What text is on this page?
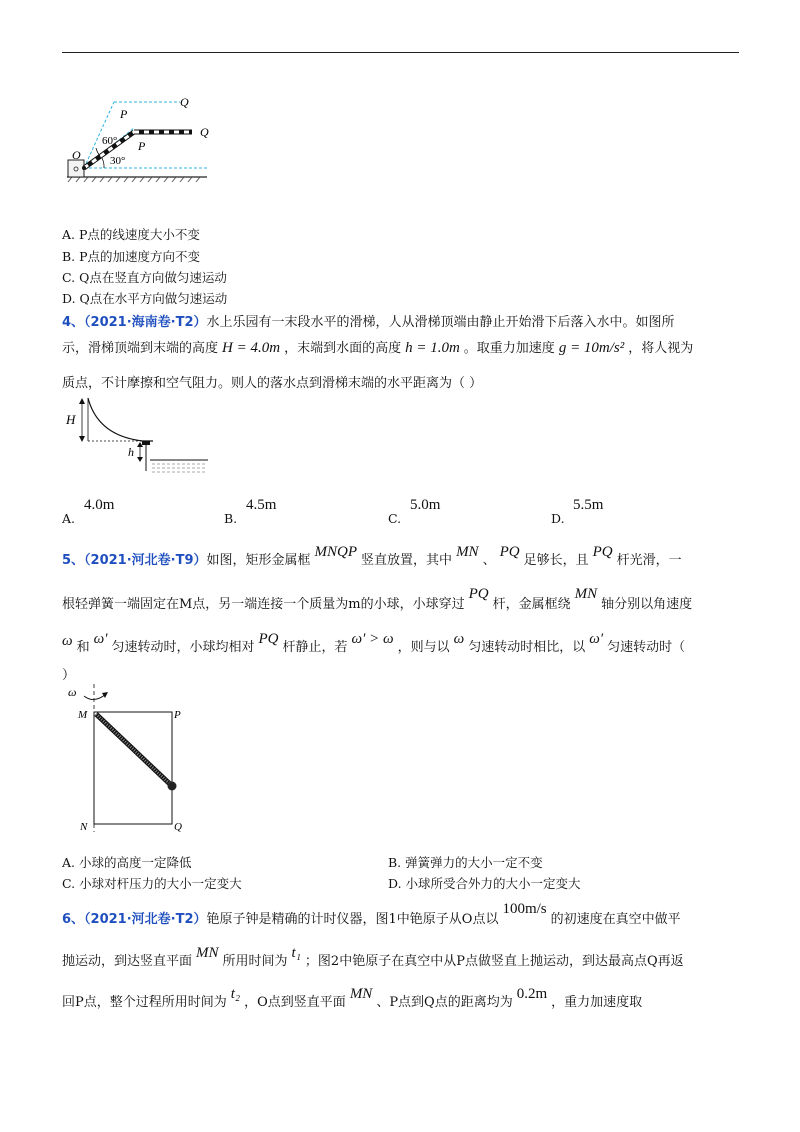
Q
P
Q
P
O
60°
30°
A. P点的线速度大小不变
B. P点的加速度方向不变
C. Q点在竖直方向做匀速运动
D. Q点在水平方向做匀速运动
4、（2021·海南卷·T2）水上乐园有一末段水平的滑梯，人从滑梯顶端由静止开始滑下后落入水中。如图所
示，滑梯顶端到末端的高度 H = 4.0m ，末端到水面的高度 h = 1.0m 。取重力加速度 g = 10m/s² ，将人视为
质点，不计摩擦和空气阻力。则人的落水点到滑梯末端的水平距离为（ ）
H
h
A.
4.0m
B.
4.5m
C.
5.0m
D.
5.5m
5、（2021·河北卷·T9）如图，矩形金属框MNQP竖直放置，其中MN、PQ足够长，且PQ杆光滑，一
根轻弹簧一端固定在M点，另一端连接一个质量为m的小球，小球穿过PQ杆，金属框绕MN轴分别以角速度
ω 和ω′匀速转动时，小球均相对PQ杆静止，若ω′ > ω，则与以ω匀速转动时相比，以ω′匀速转动时（
）
ω
M	P
N	Q
A. 小球的高度一定降低	B. 弹簧弹力的大小一定不变
C. 小球对杆压力的大小一定变大	D. 小球所受合外力的大小一定变大
6、（2021·河北卷·T2）铯原子钟是精确的计时仪器，图1中铯原子从O点以100m/s的初速度在真空中做平
抛运动，到达竖直平面MN所用时间为t₁；图2中铯原子在真空中从P点做竖直上抛运动，到达最高点Q再返
回P点，整个过程所用时间为t₂，O点到竖直平面MN、P点到Q点的距离均为0.2m，重力加速度取
